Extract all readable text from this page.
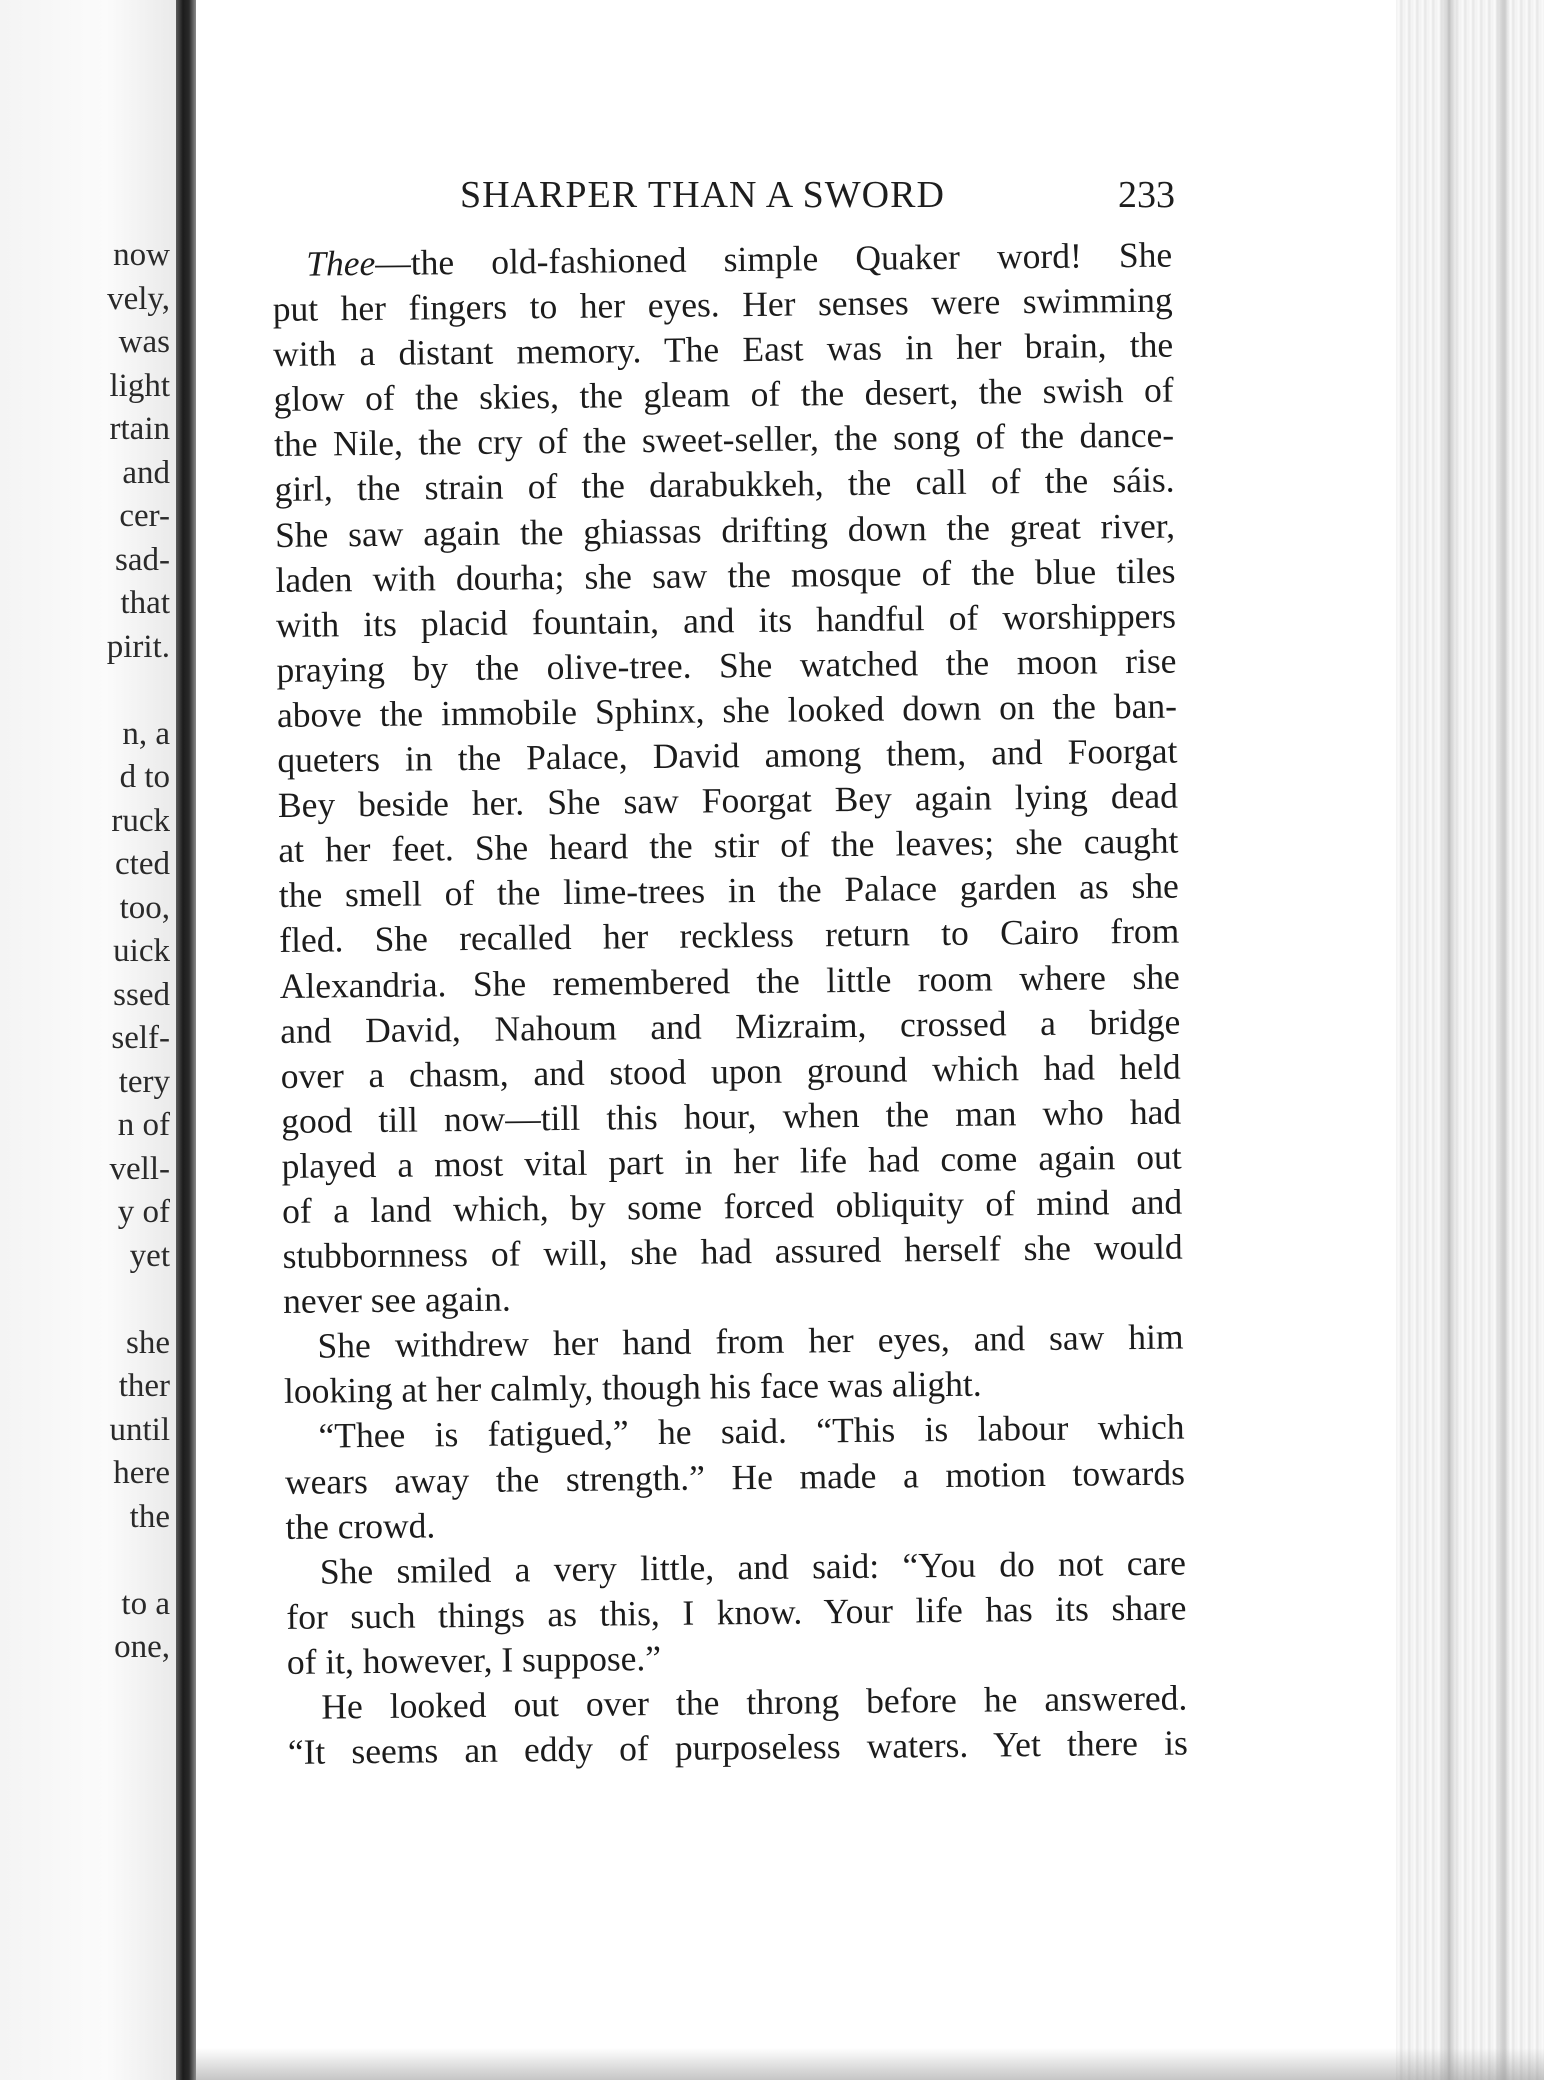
now
vely,
was
light
rtain
and
cer-
sad-
that
pirit.
n, a
d to
ruck
cted
too,
uick
ssed
self-
tery
n of
vell-
y of
yet
she
ther
until
here
the
to a
one,
SHARPER THAN A SWORD	233
Thee—the old-fashioned simple Quaker word! She
put her fingers to her eyes. Her senses were swimming
with a distant memory. The East was in her brain, the
glow of the skies, the gleam of the desert, the swish of
the Nile, the cry of the sweet-seller, the song of the dance-
girl, the strain of the darabukkeh, the call of the sáis.
She saw again the ghiassas drifting down the great river,
laden with dourha; she saw the mosque of the blue tiles
with its placid fountain, and its handful of worshippers
praying by the olive-tree. She watched the moon rise
above the immobile Sphinx, she looked down on the ban-
queters in the Palace, David among them, and Foorgat
Bey beside her. She saw Foorgat Bey again lying dead
at her feet. She heard the stir of the leaves; she caught
the smell of the lime-trees in the Palace garden as she
fled. She recalled her reckless return to Cairo from
Alexandria. She remembered the little room where she
and David, Nahoum and Mizraim, crossed a bridge
over a chasm, and stood upon ground which had held
good till now—till this hour, when the man who had
played a most vital part in her life had come again out
of a land which, by some forced obliquity of mind and
stubbornness of will, she had assured herself she would
never see again.
She withdrew her hand from her eyes, and saw him
looking at her calmly, though his face was alight.
“Thee is fatigued,” he said. “This is labour which
wears away the strength.” He made a motion towards
the crowd.
She smiled a very little, and said: “You do not care
for such things as this, I know. Your life has its share
of it, however, I suppose.”
He looked out over the throng before he answered.
“It seems an eddy of purposeless waters. Yet there is
